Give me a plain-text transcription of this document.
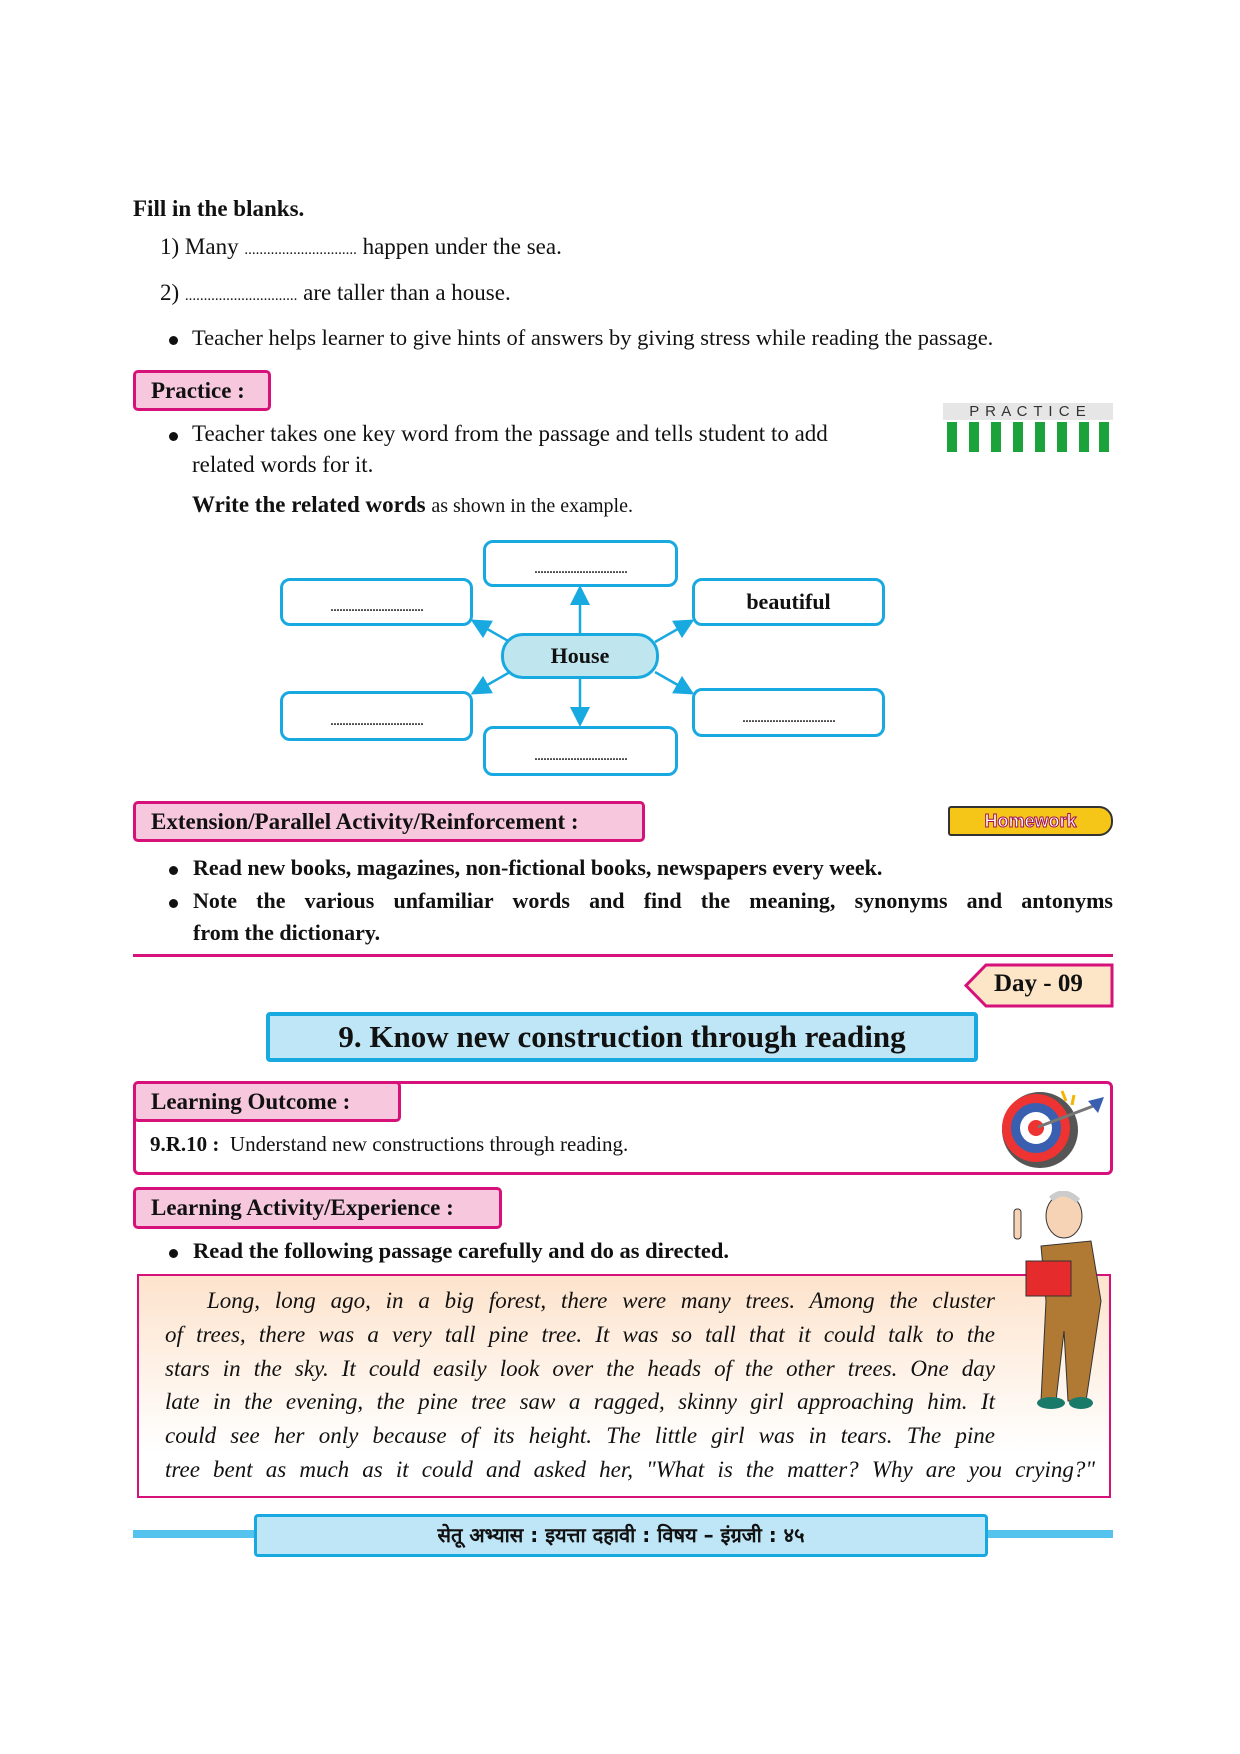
Fill in the blanks.
1) Many .............................. happen under the sea.
2) .............................. are taller than a house.
Teacher helps learner to give hints of answers by giving stress while reading the passage.
Practice :
Teacher takes one key word from the passage and tells student to add
related words for it.
P R A C T I C E
Write the related words as shown in the example.
...............................
...............................	beautiful
House
...............................
...............................
...............................
Extension/Parallel Activity/Reinforcement :	Homework
Read new books, magazines, non-fictional books, newspapers every week.
Note the various unfamiliar words and find the meaning, synonyms and antonyms
from the dictionary.
Day - 09
9. Know new construction through reading
Learning Outcome :
9.R.10 : Understand new constructions through reading.
Learning Activity/Experience :
Read the following passage carefully and do as directed.
Long, long ago, in a big forest, there were many trees. Among the cluster
of trees, there was a very tall pine tree. It was so tall that it could talk to the
stars in the sky. It could easily look over the heads of the other trees. One day
late in the evening, the pine tree saw a ragged, skinny girl approaching him. It
could see her only because of its height. The little girl was in tears. The pine
tree bent as much as it could and asked her, "What is the matter? Why are you crying?"
सेतू अभ्यास : इयत्ता दहावी : विषय – इंग्रजी : ४५
